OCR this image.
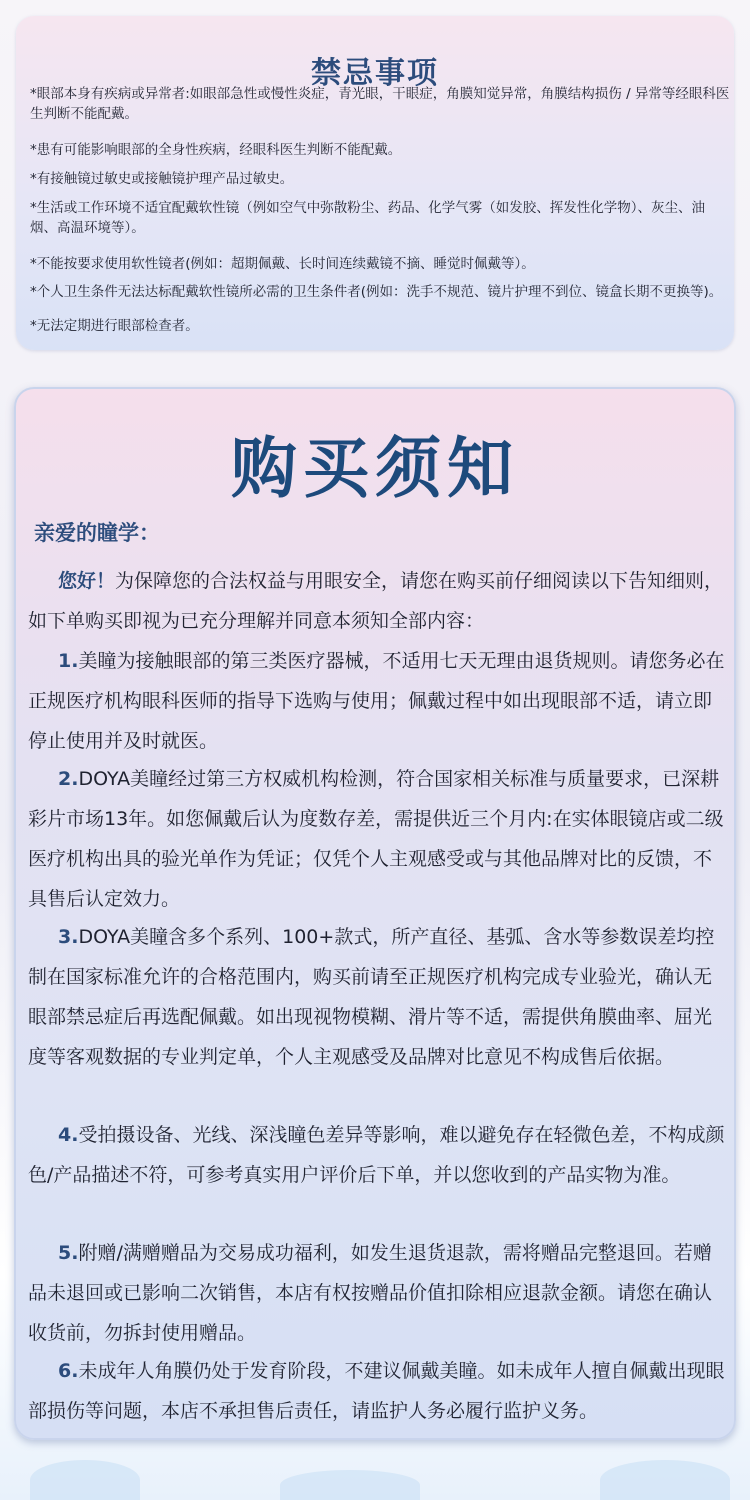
禁忌事项
*眼部本身有疾病或异常者:如眼部急性或慢性炎症，青光眼，干眼症，角膜知觉异常，角膜结构损伤 / 异常等经眼科医生判断不能配戴。
*患有可能影响眼部的全身性疾病，经眼科医生判断不能配戴。
*有接触镜过敏史或接触镜护理产品过敏史。
*生活或工作环境不适宜配戴软性镜（例如空气中弥散粉尘、药品、化学气雾（如发胶、挥发性化学物）、灰尘、油烟、高温环境等）。
*不能按要求使用软性镜者(例如：超期佩戴、长时间连续戴镜不摘、睡觉时佩戴等）。
*个人卫生条件无法达标配戴软性镜所必需的卫生条件者(例如：洗手不规范、镜片护理不到位、镜盒长期不更换等)。
*无法定期进行眼部检查者。
购买须知
亲爱的瞳学：
您好！为保障您的合法权益与用眼安全，请您在购买前仔细阅读以下告知细则，如下单购买即视为已充分理解并同意本须知全部内容：
1.美瞳为接触眼部的第三类医疗器械，不适用七天无理由退货规则。请您务必在正规医疗机构眼科医师的指导下选购与使用；佩戴过程中如出现眼部不适，请立即停止使用并及时就医。
2.DOYA美瞳经过第三方权威机构检测，符合国家相关标准与质量要求，已深耕彩片市场13年。如您佩戴后认为度数存差，需提供近三个月内:在实体眼镜店或二级医疗机构出具的验光单作为凭证；仅凭个人主观感受或与其他品牌对比的反馈，不具售后认定效力。
3.DOYA美瞳含多个系列、100+款式，所产直径、基弧、含水等参数误差均控制在国家标准允许的合格范围内，购买前请至正规医疗机构完成专业验光，确认无眼部禁忌症后再选配佩戴。如出现视物模糊、滑片等不适，需提供角膜曲率、屈光度等客观数据的专业判定单，个人主观感受及品牌对比意见不构成售后依据。
4.受拍摄设备、光线、深浅瞳色差异等影响，难以避免存在轻微色差，不构成颜色/产品描述不符，可参考真实用户评价后下单，并以您收到的产品实物为准。
5.附赠/满赠赠品为交易成功福利，如发生退货退款，需将赠品完整退回。若赠品未退回或已影响二次销售，本店有权按赠品价值扣除相应退款金额。请您在确认收货前，勿拆封使用赠品。
6.未成年人角膜仍处于发育阶段，不建议佩戴美瞳。如未成年人擅自佩戴出现眼部损伤等问题，本店不承担售后责任，请监护人务必履行监护义务。
